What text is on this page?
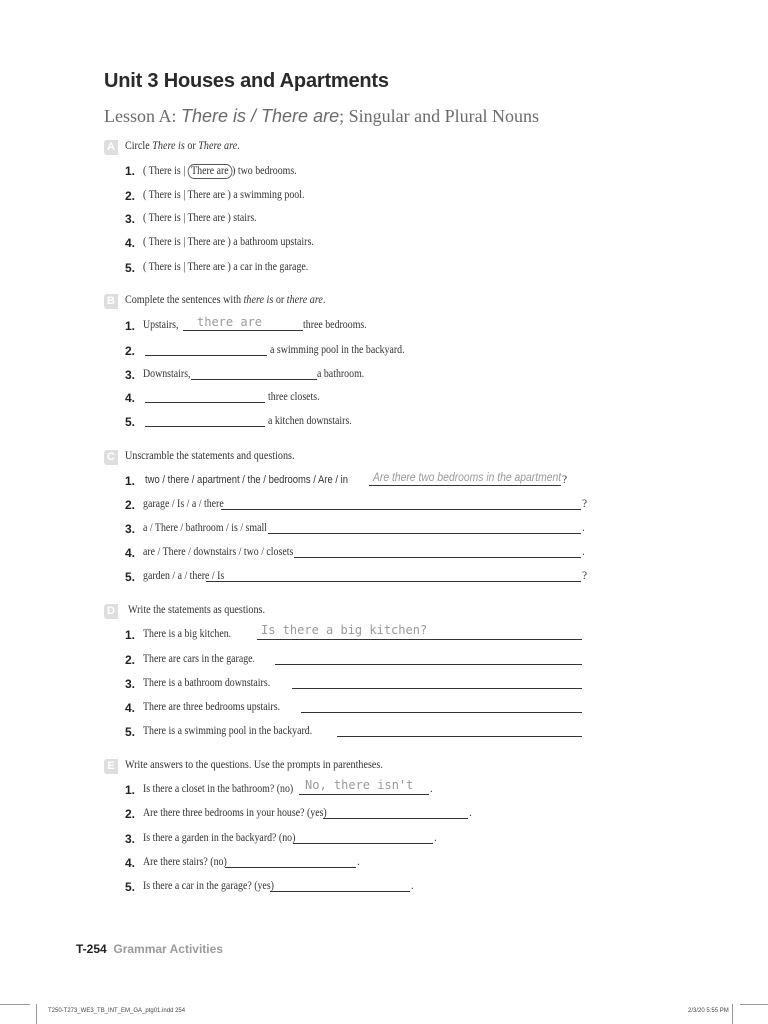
Unit 3 Houses and Apartments
Lesson A: There is / There are; Singular and Plural Nouns
A Circle There is or There are.
1. ( There is | There are ) two bedrooms.
2. ( There is | There are ) a swimming pool.
3. ( There is | There are ) stairs.
4. ( There is | There are ) a bathroom upstairs.
5. ( There is | There are ) a car in the garage.
B Complete the sentences with there is or there are.
1. Upstairs, there are	three bedrooms.
2.	a swimming pool in the backyard.
3. Downstairs,	a bathroom.
4.	three closets.
5.	a kitchen downstairs.
C Unscramble the statements and questions.
1. two / there / apartment / the / bedrooms / Are / in Are there two bedrooms in the apartment ?
2. garage / Is / a / there	?
3. a / There / bathroom / is / small	.
4. are / There / downstairs / two / closets	.
5. garden / a / there / Is	?
D Write the statements as questions.
1. There is a big kitchen. Is there a big kitchen?
2. There are cars in the garage.
3. There is a bathroom downstairs.
4. There are three bedrooms upstairs.
5. There is a swimming pool in the backyard.
E Write answers to the questions. Use the prompts in parentheses.
1. Is there a closet in the bathroom? (no) No, there isn't .
2. Are there three bedrooms in your house? (yes)	.
3. Is there a garden in the backyard? (no)	.
4. Are there stairs? (no)	.
5. Is there a car in the garage? (yes)	.
T-254 Grammar Activities
T250-T273_WE3_TB_INT_EM_GA_ptg01.indd 254	2/3/20 5:55 PM
